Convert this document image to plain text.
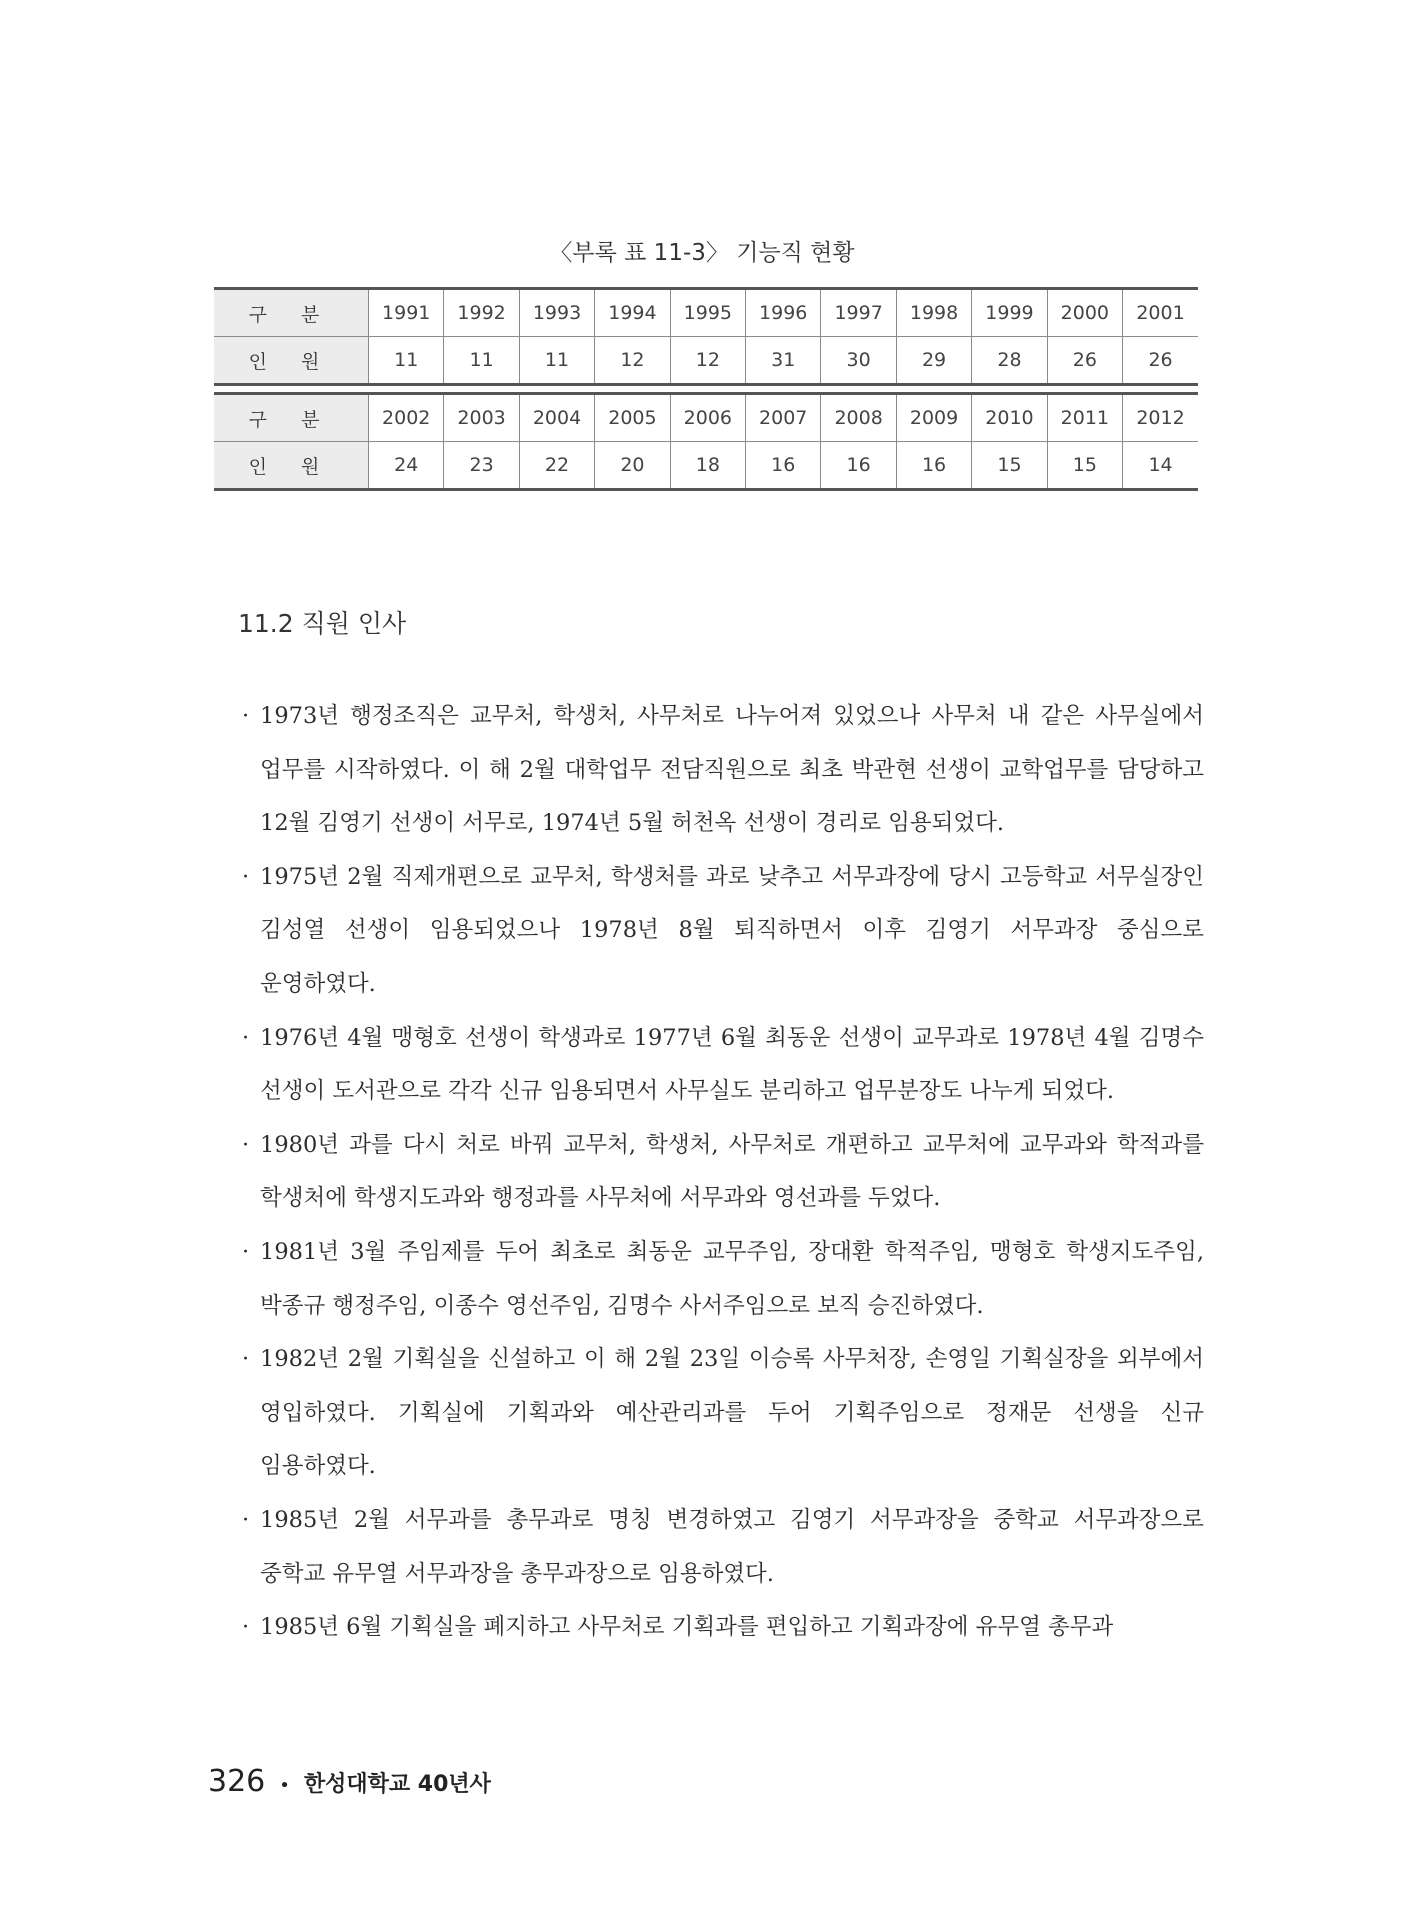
〈부록 표 11-3〉 기능직 현황
구 분	1991	1992	1993	1994	1995	1996	1997	1998	1999	2000	2001
인 원	11	11	11	12	12	31	30	29	28	26	26
구 분	2002	2003	2004	2005	2006	2007	2008	2009	2010	2011	2012
인 원	24	23	22	20	18	16	16	16	15	15	14
11.2 직원 인사
· 1973년 행정조직은 교무처, 학생처, 사무처로 나누어져 있었으나 사무처 내 같은 사무실에서 업무를 시작하였다. 이 해 2월 대학업무 전담직원으로 최초 박관현 선생이 교학업무를 담당하고 12월 김영기 선생이 서무로, 1974년 5월 허천옥 선생이 경리로 임용되었다.
· 1975년 2월 직제개편으로 교무처, 학생처를 과로 낮추고 서무과장에 당시 고등학교 서무실장인 김성열 선생이 임용되었으나 1978년 8월 퇴직하면서 이후 김영기 서무과장 중심으로 운영하였다.
· 1976년 4월 맹형호 선생이 학생과로 1977년 6월 최동운 선생이 교무과로 1978년 4월 김명수 선생이 도서관으로 각각 신규 임용되면서 사무실도 분리하고 업무분장도 나누게 되었다.
· 1980년 과를 다시 처로 바꿔 교무처, 학생처, 사무처로 개편하고 교무처에 교무과와 학적과를 학생처에 학생지도과와 행정과를 사무처에 서무과와 영선과를 두었다.
· 1981년 3월 주임제를 두어 최초로 최동운 교무주임, 장대환 학적주임, 맹형호 학생지도주임, 박종규 행정주임, 이종수 영선주임, 김명수 사서주임으로 보직 승진하였다.
· 1982년 2월 기획실을 신설하고 이 해 2월 23일 이승록 사무처장, 손영일 기획실장을 외부에서 영입하였다. 기획실에 기획과와 예산관리과를 두어 기획주임으로 정재문 선생을 신규 임용하였다.
· 1985년 2월 서무과를 총무과로 명칭 변경하였고 김영기 서무과장을 중학교 서무과장으로 중학교 유무열 서무과장을 총무과장으로 임용하였다.
· 1985년 6월 기획실을 폐지하고 사무처로 기획과를 편입하고 기획과장에 유무열 총무과
326 • 한성대학교 40년사
